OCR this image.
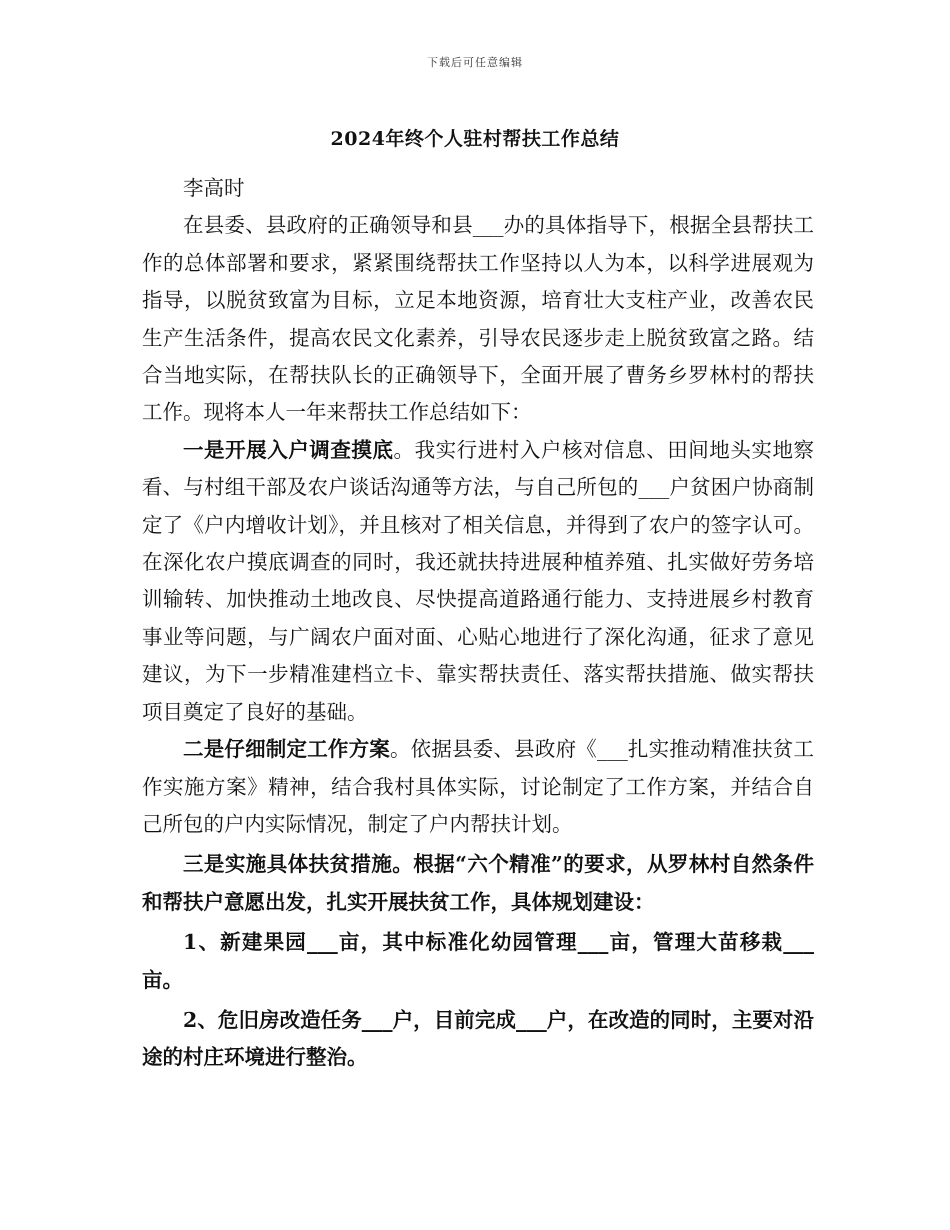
下载后可任意编辑
2024年终个人驻村帮扶工作总结

李高时

在县委、县政府的正确领导和县___办的具体指导下，根据全县帮扶工作的总体部署和要求，紧紧围绕帮扶工作坚持以人为本，以科学进展观为指导，以脱贫致富为目标，立足本地资源，培育壮大支柱产业，改善农民生产生活条件，提高农民文化素养，引导农民逐步走上脱贫致富之路。结合当地实际，在帮扶队长的正确领导下，全面开展了曹务乡罗林村的帮扶工作。现将本人一年来帮扶工作总结如下：

一是开展入户调查摸底。我实行进村入户核对信息、田间地头实地察看、与村组干部及农户谈话沟通等方法，与自己所包的___户贫困户协商制定了《户内增收计划》，并且核对了相关信息，并得到了农户的签字认可。在深化农户摸底调查的同时，我还就扶持进展种植养殖、扎实做好劳务培训输转、加快推动土地改良、尽快提高道路通行能力、支持进展乡村教育事业等问题，与广阔农户面对面、心贴心地进行了深化沟通，征求了意见建议，为下一步精准建档立卡、靠实帮扶责任、落实帮扶措施、做实帮扶项目奠定了良好的基础。

二是仔细制定工作方案。依据县委、县政府《___扎实推动精准扶贫工作实施方案》精神，结合我村具体实际，讨论制定了工作方案，并结合自己所包的户内实际情况，制定了户内帮扶计划。

三是实施具体扶贫措施。根据“六个精准”的要求，从罗林村自然条件和帮扶户意愿出发，扎实开展扶贫工作，具体规划建设：

1、新建果园___亩，其中标准化幼园管理___亩，管理大苗移栽___亩。

2、危旧房改造任务___户，目前完成___户，在改造的同时，主要对沿途的村庄环境进行整治。
